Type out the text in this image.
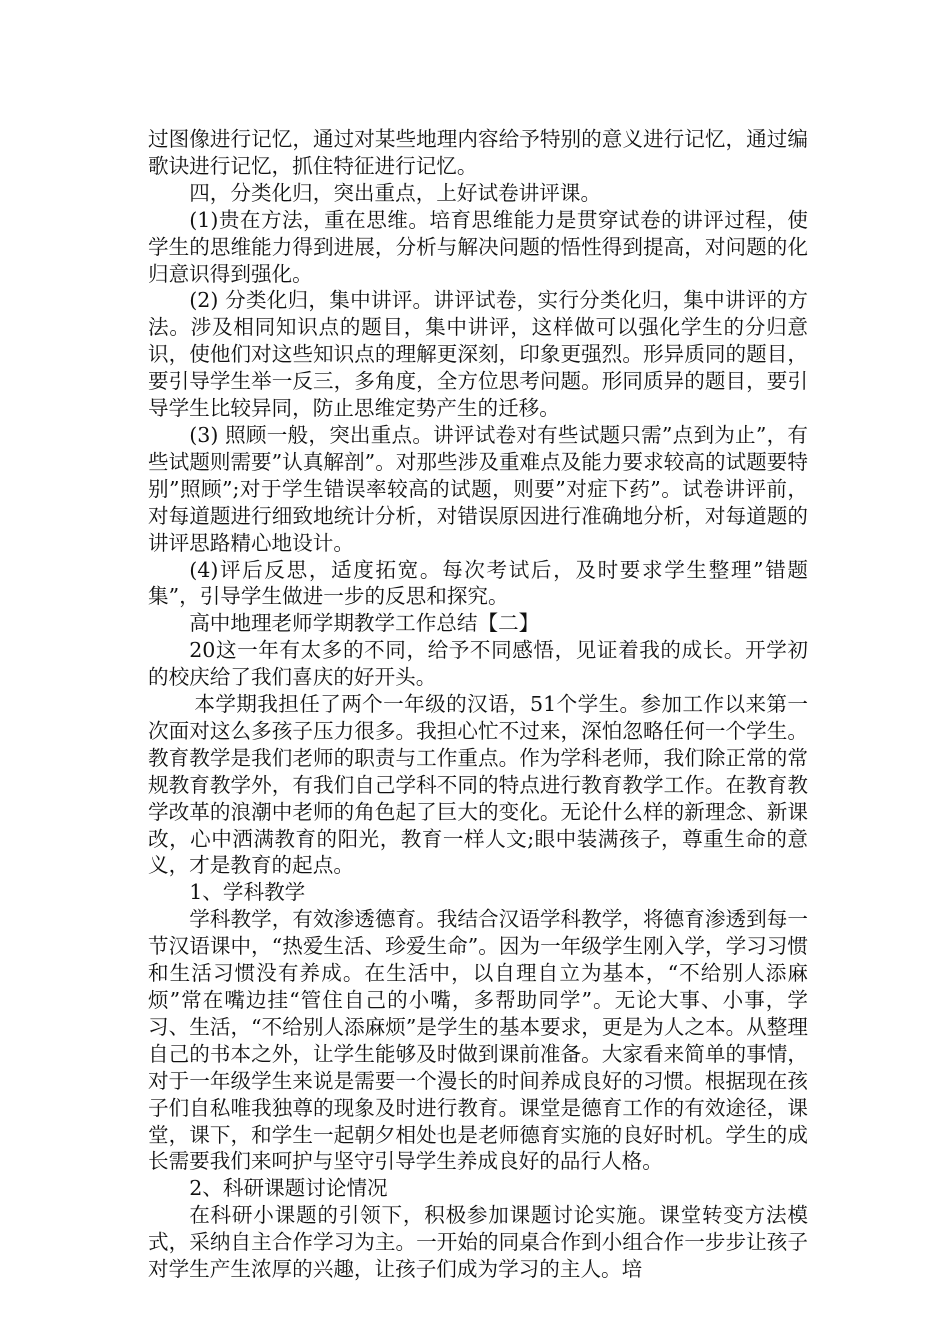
过图像进行记忆，通过对某些地理内容给予特别的意义进行记忆，通过编歌诀进行记忆，抓住特征进行记忆。

四，分类化归，突出重点，上好试卷讲评课。

(1)贵在方法，重在思维。培育思维能力是贯穿试卷的讲评过程，使学生的思维能力得到进展，分析与解决问题的悟性得到提高，对问题的化归意识得到强化。

(2) 分类化归，集中讲评。讲评试卷，实行分类化归，集中讲评的方法。涉及相同知识点的题目，集中讲评，这样做可以强化学生的分归意识，使他们对这些知识点的理解更深刻，印象更强烈。形异质同的题目，要引导学生举一反三，多角度，全方位思考问题。形同质异的题目，要引导学生比较异同，防止思维定势产生的迁移。

(3) 照顾一般，突出重点。讲评试卷对有些试题只需”点到为止”，有些试题则需要”认真解剖”。对那些涉及重难点及能力要求较高的试题要特别”照顾”;对于学生错误率较高的试题，则要”对症下药”。试卷讲评前，对每道题进行细致地统计分析，对错误原因进行准确地分析，对每道题的讲评思路精心地设计。

(4)评后反思，适度拓宽。每次考试后，及时要求学生整理”错题集”，引导学生做进一步的反思和探究。

高中地理老师学期教学工作总结【二】

20这一年有太多的不同，给予不同感悟，见证着我的成长。开学初的校庆给了我们喜庆的好开头。

本学期我担任了两个一年级的汉语，51个学生。参加工作以来第一次面对这么多孩子压力很多。我担心忙不过来，深怕忽略任何一个学生。教育教学是我们老师的职责与工作重点。作为学科老师，我们除正常的常规教育教学外，有我们自己学科不同的特点进行教育教学工作。在教育教学改革的浪潮中老师的角色起了巨大的变化。无论什么样的新理念、新课改，心中洒满教育的阳光，教育一样人文;眼中装满孩子，尊重生命的意义，才是教育的起点。

1、学科教学

学科教学，有效渗透德育。我结合汉语学科教学，将德育渗透到每一节汉语课中，“热爱生活、珍爱生命”。因为一年级学生刚入学，学习习惯和生活习惯没有养成。在生活中，以自理自立为基本，“不给别人添麻烦”常在嘴边挂“管住自己的小嘴，多帮助同学”。无论大事、小事，学习、生活，“不给别人添麻烦”是学生的基本要求，更是为人之本。从整理自己的书本之外，让学生能够及时做到课前准备。大家看来简单的事情，对于一年级学生来说是需要一个漫长的时间养成良好的习惯。根据现在孩子们自私唯我独尊的现象及时进行教育。课堂是德育工作的有效途径，课堂，课下，和学生一起朝夕相处也是老师德育实施的良好时机。学生的成长需要我们来呵护与坚守引导学生养成良好的品行人格。

2、科研课题讨论情况

在科研小课题的引领下，积极参加课题讨论实施。课堂转变方法模式，采纳自主合作学习为主。一开始的同桌合作到小组合作一步步让孩子对学生产生浓厚的兴趣，让孩子们成为学习的主人。培
